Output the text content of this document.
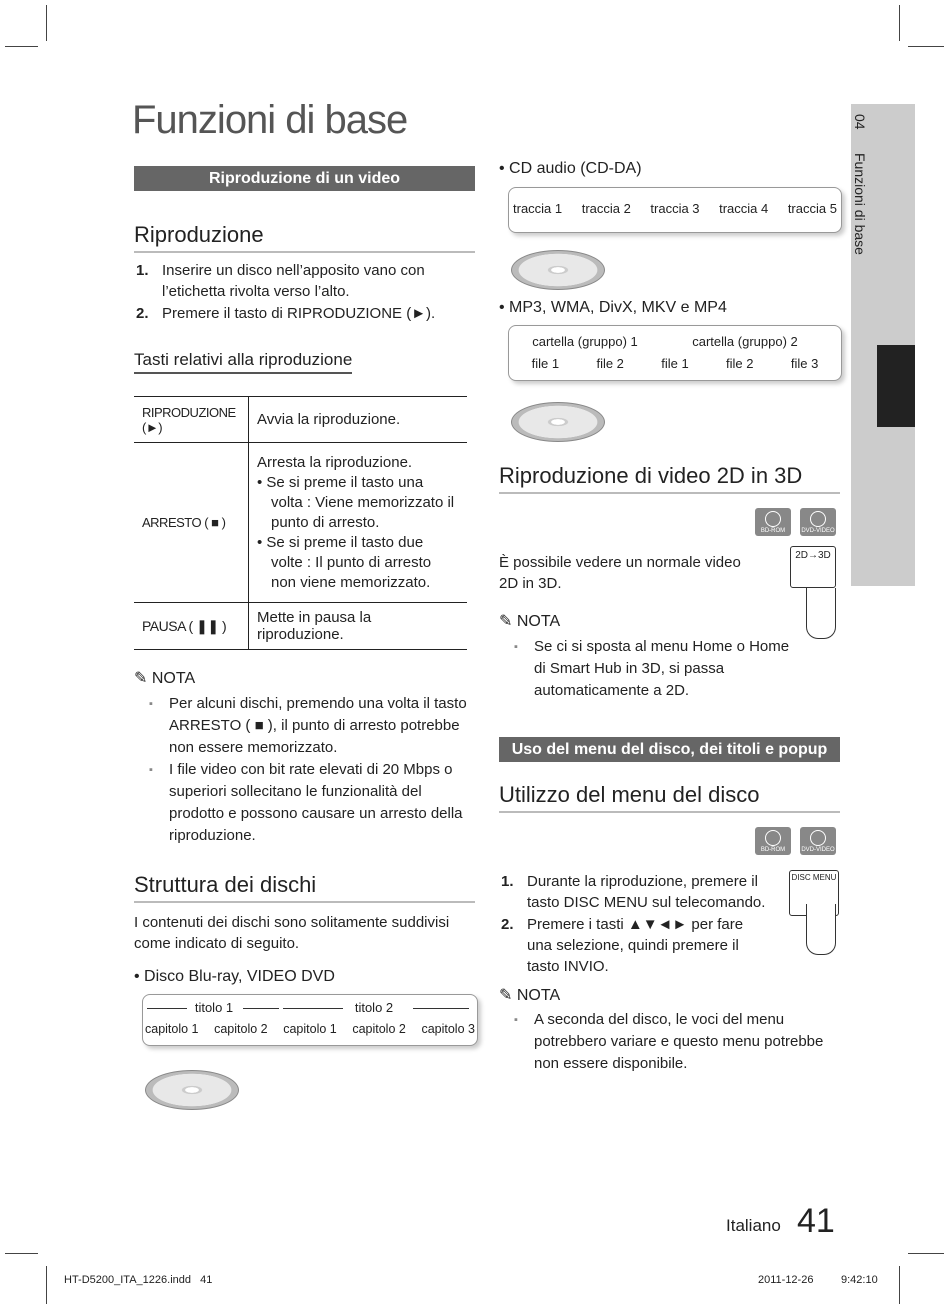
Funzioni di base	04
Funzioni di base
Riproduzione di un video
Riproduzione
1. Inserire un disco nell’apposito vano con l’etichetta rivolta verso l’alto.
2. Premere il tasto di RIPRODUZIONE (►).
Tasti relativi alla riproduzione
RIPRODUZIONE (►)	Avvia la riproduzione.
ARRESTO ( ■ )	Arresta la riproduzione.
• Se si preme il tasto una volta : Viene memorizzato il punto di arresto.
• Se si preme il tasto due volte : Il punto di arresto non viene memorizzato.

PAUSA ( ❚❚ )	Mette in pausa la riproduzione.
✎ NOTA
▪ Per alcuni dischi, premendo una volta il tasto ARRESTO ( ■ ), il punto di arresto potrebbe non essere memorizzato.
▪ I file video con bit rate elevati di 20 Mbps o superiori sollecitano le funzionalità del prodotto e possono causare un arresto della riproduzione.
Struttura dei dischi
I contenuti dei dischi sono solitamente suddivisi come indicato di seguito.
• Disco Blu-ray, VIDEO DVD
titolo 1	titolo 2
capitolo 1 capitolo 2 capitolo 1 capitolo 2 capitolo 3
• CD audio (CD-DA)
traccia 1 traccia 2 traccia 3 traccia 4 traccia 5
• MP3, WMA, DivX, MKV e MP4
cartella (gruppo) 1	cartella (gruppo) 2
file 1	file 2	file 1	file 2	file 3
Riproduzione di video 2D in 3D
BD-ROM	DVD-VIDEO
È possibile vedere un normale video 2D in 3D.
2D→3D
✎ NOTA
▪ Se ci si sposta al menu Home o Home di Smart Hub in 3D, si passa automaticamente a 2D.
Uso del menu del disco, dei titoli e popup
Utilizzo del menu del disco
BD-ROM	DVD-VIDEO
1. Durante la riproduzione, premere il tasto DISC MENU sul telecomando.
2. Premere i tasti ▲▼◄► per fare una selezione, quindi premere il tasto INVIO.
DISC MENU
✎ NOTA
▪ A seconda del disco, le voci del menu potrebbero variare e questo menu potrebbe non essere disponibile.
Italiano 41
HT-D5200_ITA_1226.indd   41	2011-12-26	9:42:10
